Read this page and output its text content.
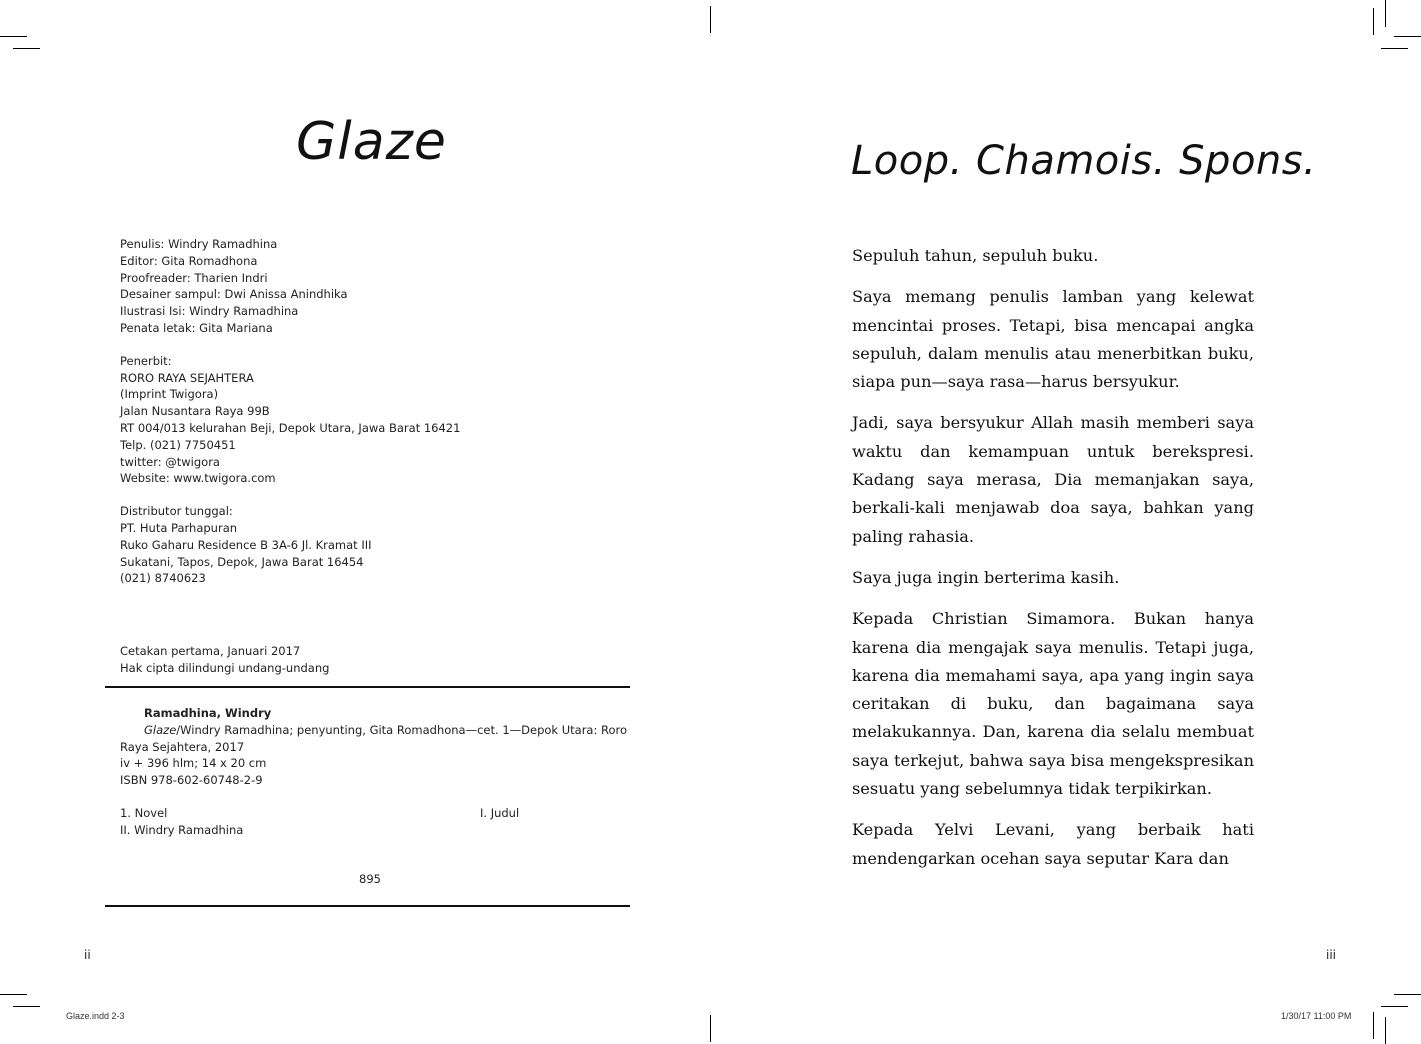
Glaze
Penulis: Windry Ramadhina
Editor: Gita Romadhona
Proofreader: Tharien Indri
Desainer sampul: Dwi Anissa Anindhika
Ilustrasi Isi: Windry Ramadhina
Penata letak: Gita Mariana
Penerbit:
RORO RAYA SEJAHTERA
(Imprint Twigora)
Jalan Nusantara Raya 99B
RT 004/013 kelurahan Beji, Depok Utara, Jawa Barat 16421
Telp. (021) 7750451
twitter: @twigora
Website: www.twigora.com
Distributor tunggal:
PT. Huta Parhapuran
Ruko Gaharu Residence B 3A-6 Jl. Kramat III
Sukatani, Tapos, Depok, Jawa Barat 16454
(021) 8740623
Cetakan pertama, Januari 2017
Hak cipta dilindungi undang-undang
Ramadhina, Windry
Glaze/Windry Ramadhina; penyunting, Gita Romadhona—cet. 1—Depok Utara: Roro
Raya Sejahtera, 2017
iv + 396 hlm; 14 x 20 cm
ISBN 978-602-60748-2-9
1. Novel	I. Judul
II. Windry Ramadhina
895
ii
Glaze.indd 2-3
Loop. Chamois. Spons.

Sepuluh tahun, sepuluh buku.

Saya memang penulis lamban yang kelewat mencintai proses. Tetapi, bisa mencapai angka sepuluh, dalam menulis atau menerbitkan buku, siapa pun—saya rasa—harus bersyukur.

Jadi, saya bersyukur Allah masih memberi saya waktu dan kemampuan untuk berekspresi. Kadang saya merasa, Dia memanjakan saya, berkali-kali menjawab doa saya, bahkan yang paling rahasia.

Saya juga ingin berterima kasih.

Kepada Christian Simamora. Bukan hanya karena dia mengajak saya menulis. Tetapi juga, karena dia memahami saya, apa yang ingin saya ceritakan di buku, dan bagaimana saya melakukannya. Dan, karena dia selalu membuat saya terkejut, bahwa saya bisa mengekspresikan sesuatu yang sebelumnya tidak terpikirkan.

Kepada Yelvi Levani, yang berbaik hati mendengarkan ocehan saya seputar Kara dan

iii
1/30/17 11:00 PM
